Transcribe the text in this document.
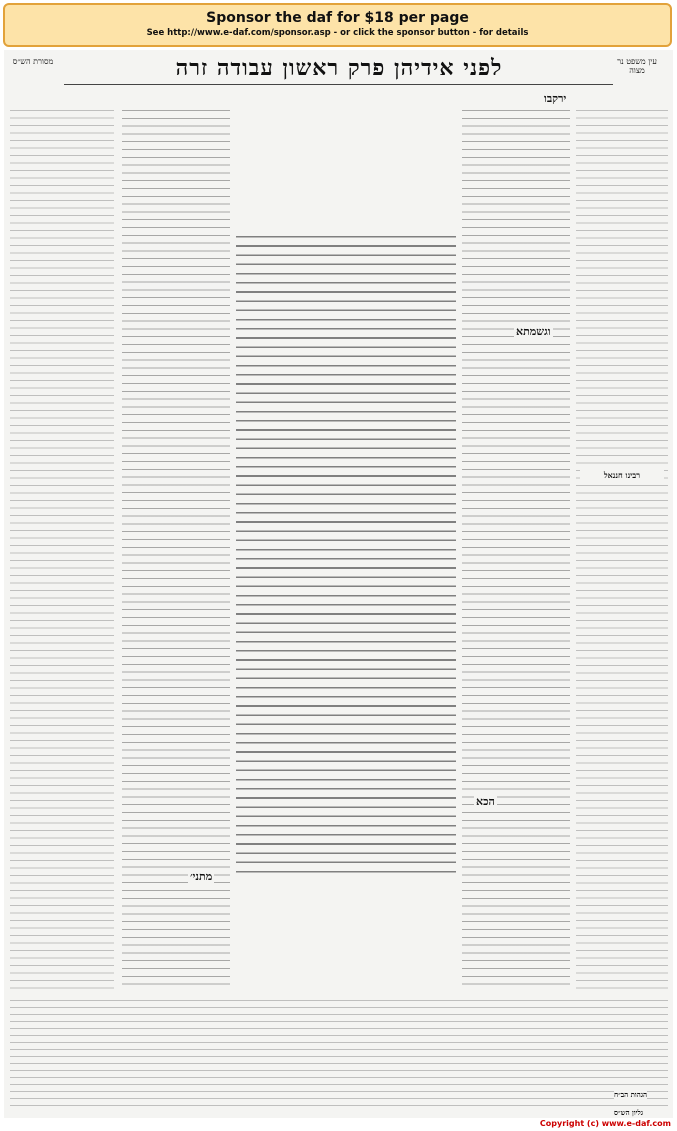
Sponsor the daf for $18 per page
See http://www.e-daf.com/sponsor.asp - or click the sponsor button - for details
מסורת הש״ס	לפני אידיהן פרק ראשון עבודה זרה	עין משפט נר מצוה
ירקבו
וגשמתא
רבינו חננאל
הכא
מתני׳
הגהות הב״ח
גליון הש״ס
Copyright (c) www.e-daf.com
